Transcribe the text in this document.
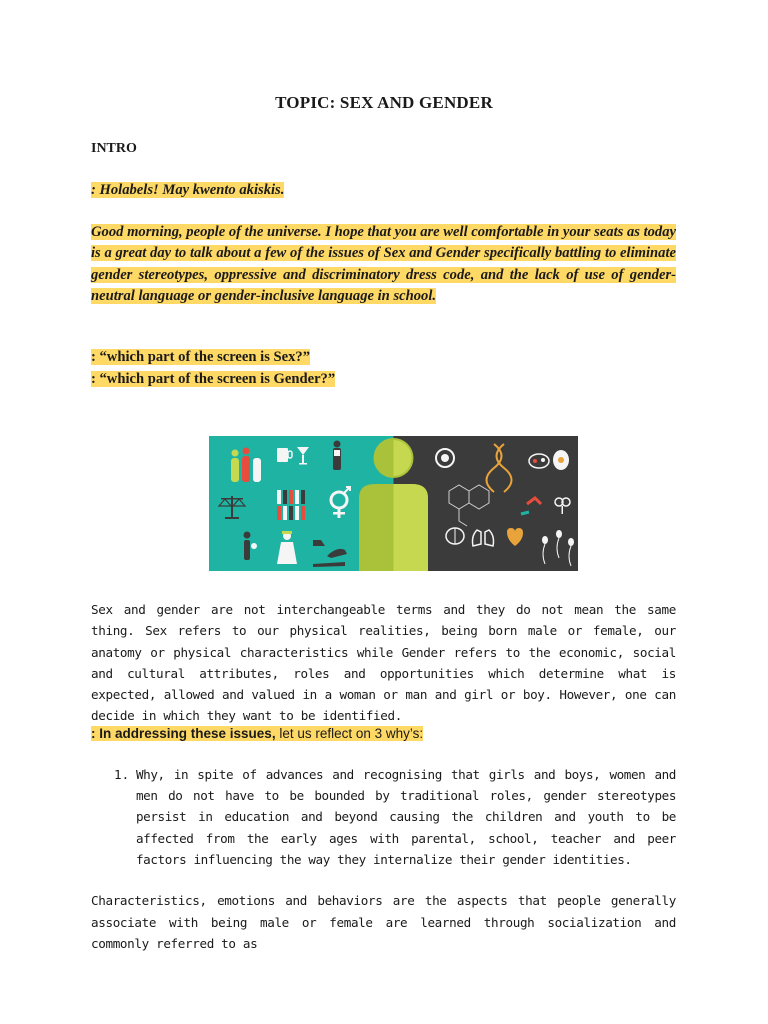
TOPIC: SEX AND GENDER
INTRO
: Holabels! May kwento akiskis.

Good morning, people of the universe. I hope that you are well comfortable in your seats as today is a great day to talk about a few of the issues of Sex and Gender specifically battling to eliminate gender stereotypes, oppressive and discriminatory dress code, and the lack of use of gender-neutral language or gender-inclusive language in school.

: “which part of the screen is Sex?”
: “which part of the screen is Gender?”

Sex and gender are not interchangeable terms and they do not mean the same thing. Sex refers to our physical realities, being born male or female, our anatomy or physical characteristics while Gender refers to the economic, social and cultural attributes, roles and opportunities which determine what is expected, allowed and valued in a woman or man and girl or boy. However, one can decide in which they want to be identified.

: In addressing these issues, let us reflect on 3 why’s:
1. Why, in spite of advances and recognising that girls and boys, women and men do not have to be bounded by traditional roles, gender stereotypes persist in education and beyond causing the children and youth to be affected from the early ages with parental, school, teacher and peer factors influencing the way they internalize their gender identities.

Characteristics, emotions and behaviors are the aspects that people generally associate with being male or female are learned through socialization and commonly referred to as
